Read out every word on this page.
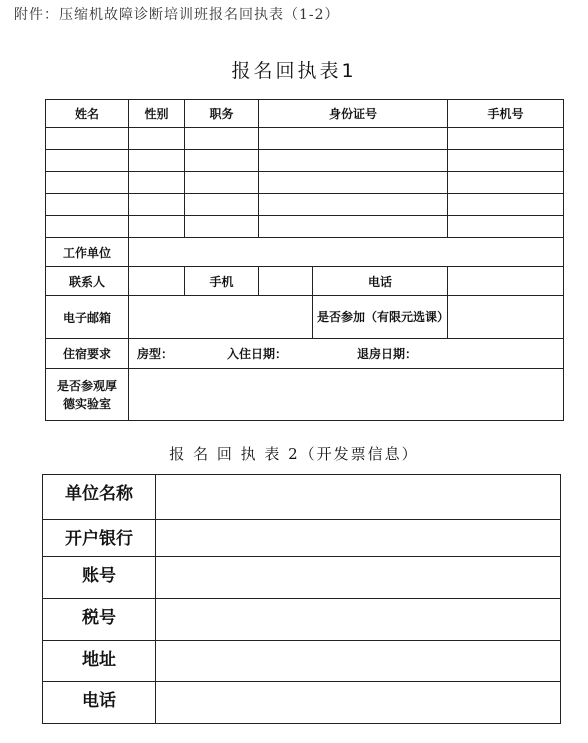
附件：压缩机故障诊断培训班报名回执表（1-2）
报名回执表1
姓名	性别	职务	身份证号		手机号

工作单位					
联系人		手机		电话	
电子邮箱				是否参加（有限元选课）	
住宿要求	房型： 入住日期： 退房日期：				
是否参观厚德实验室					
报 名 回 执 表 2（开发票信息）
单位名称	
开户银行	
账号	
税号	
地址	
电话	
